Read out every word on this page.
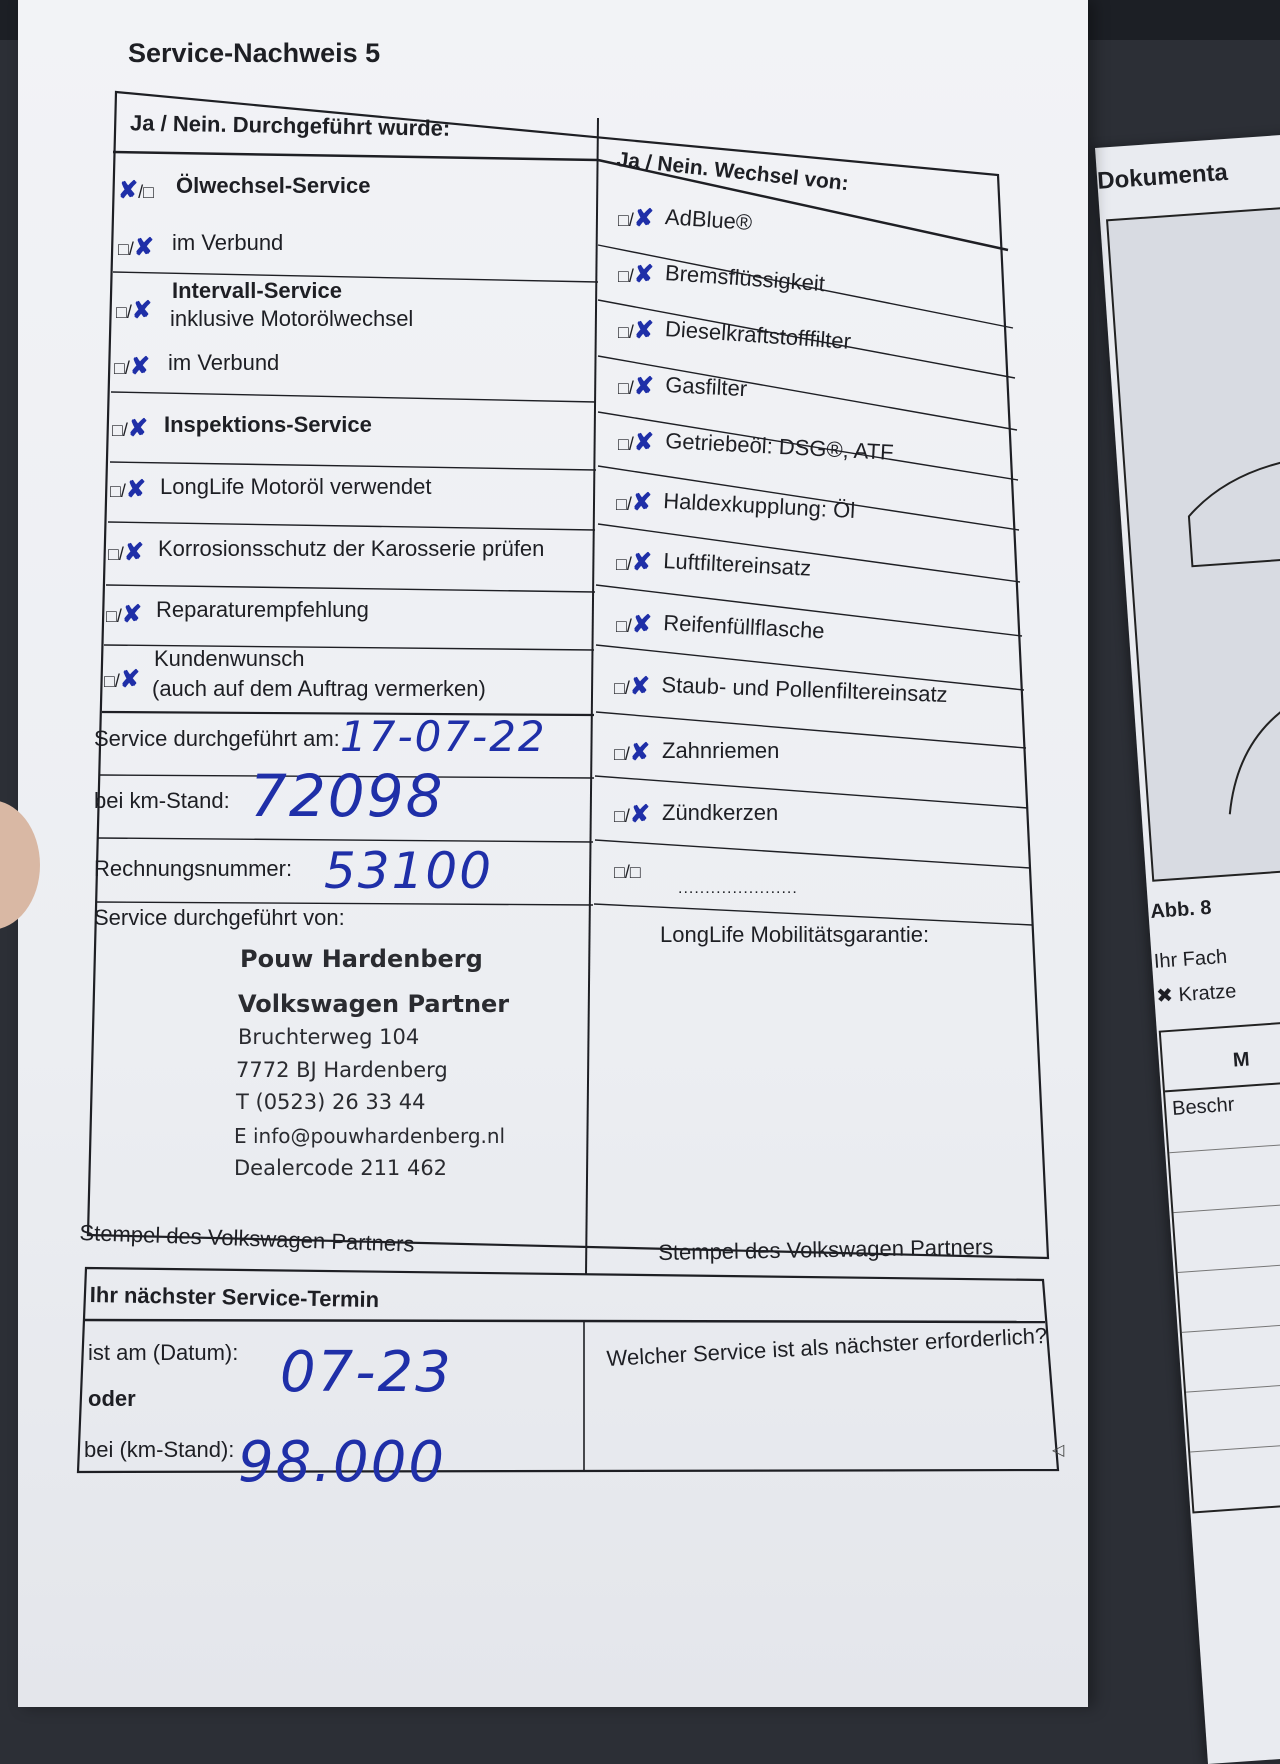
Dokumenta
Abb. 8
Ihr Fach
✖ Kratze
M
Beschr
Service-Nachweis 5
◁
Ja / Nein. Durchgeführt wurde:
Ja / Nein. Wechsel von:
✘/□ Ölwechsel-Service
□/✘ im Verbund
□/✘
Intervall-Service
inklusive Motorölwechsel
□/✘ im Verbund
□/✘ Inspektions-Service
□/✘ LongLife Motoröl verwendet
□/✘ Korrosionsschutz der Karosserie prüfen
□/✘ Reparaturempfehlung
□/✘
Kundenwunsch
(auch auf dem Auftrag vermerken)
Service durchgeführt am: 17-07-22
bei km-Stand: 72098
Rechnungsnummer: 53100
Service durchgeführt von:
Pouw Hardenberg
Volkswagen Partner
Bruchterweg 104
7772 BJ Hardenberg
T (0523) 26 33 44
E info@pouwhardenberg.nl
Dealercode 211 462
Stempel des Volkswagen Partners
□/✘ AdBlue®
□/✘ Bremsflüssigkeit
□/✘ Dieselkraftstofffilter
□/✘ Gasfilter
□/✘ Getriebeöl: DSG®, ATF
□/✘ Haldexkupplung: Öl
□/✘ Luftfiltereinsatz
□/✘ Reifenfüllflasche
□/✘ Staub- und Pollenfiltereinsatz
□/✘ Zahnriemen
□/✘ Zündkerzen
□/□
......................
LongLife Mobilitätsgarantie:
Stempel des Volkswagen Partners
Ihr nächster Service-Termin
ist am (Datum): 07-23
oder
bei (km-Stand): 98.000
Welcher Service ist als nächster erforderlich?
